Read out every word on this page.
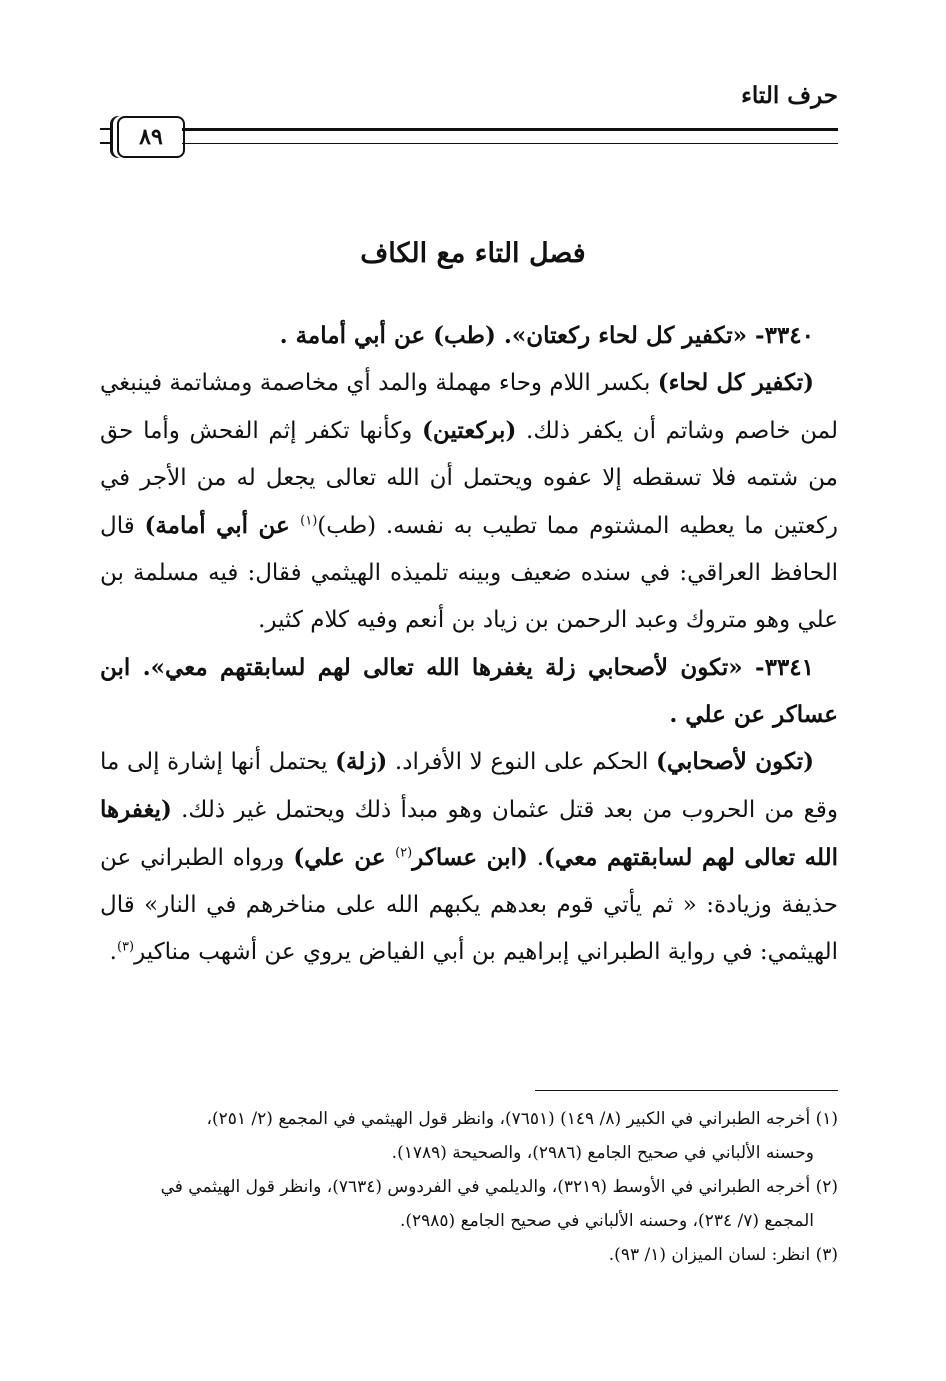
حرف التاء
٨٩
فصل التاء مع الكاف

٣٣٤٠- «تكفير كل لحاء ركعتان». (طب) عن أبي أمامة .

(تكفير كل لحاء) بكسر اللام وحاء مهملة والمد أي مخاصمة ومشاتمة فينبغي لمن خاصم وشاتم أن يكفر ذلك. (بركعتين) وكأنها تكفر إثم الفحش وأما حق من شتمه فلا تسقطه إلا عفوه ويحتمل أن الله تعالى يجعل له من الأجر في ركعتين ما يعطيه المشتوم مما تطيب به نفسه. (طب)$^{(١)}$ عن أبي أمامة) قال الحافظ العراقي: في سنده ضعيف وبينه تلميذه الهيثمي فقال: فيه مسلمة بن علي وهو متروك وعبد الرحمن بن زياد بن أنعم وفيه كلام كثير.

٣٣٤١- «تكون لأصحابي زلة يغفرها الله تعالى لهم لسابقتهم معي». ابن عساكر عن علي .

(تكون لأصحابي) الحكم على النوع لا الأفراد. (زلة) يحتمل أنها إشارة إلى ما وقع من الحروب من بعد قتل عثمان وهو مبدأ ذلك ويحتمل غير ذلك. (يغفرها الله تعالى لهم لسابقتهم معي). (ابن عساكر$^{(٢)}$ عن علي) ورواه الطبراني عن حذيفة وزيادة: « ثم يأتي قوم بعدهم يكبهم الله على مناخرهم في النار» قال الهيثمي: في رواية الطبراني إبراهيم بن أبي الفياض يروي عن أشهب مناكير$^{(٣)}$.

(١) أخرجه الطبراني في الكبير (٨/ ١٤٩) (٧٦٥١)، وانظر قول الهيثمي في المجمع (٢/ ٢٥١)،

وحسنه الألباني في صحيح الجامع (٢٩٨٦)، والصحيحة (١٧٨٩).

(٢) أخرجه الطبراني في الأوسط (٣٢١٩)، والديلمي في الفردوس (٧٦٣٤)، وانظر قول الهيثمي في

المجمع (٧/ ٢٣٤)، وحسنه الألباني في صحيح الجامع (٢٩٨٥).

(٣) انظر: لسان الميزان (١/ ٩٣).
